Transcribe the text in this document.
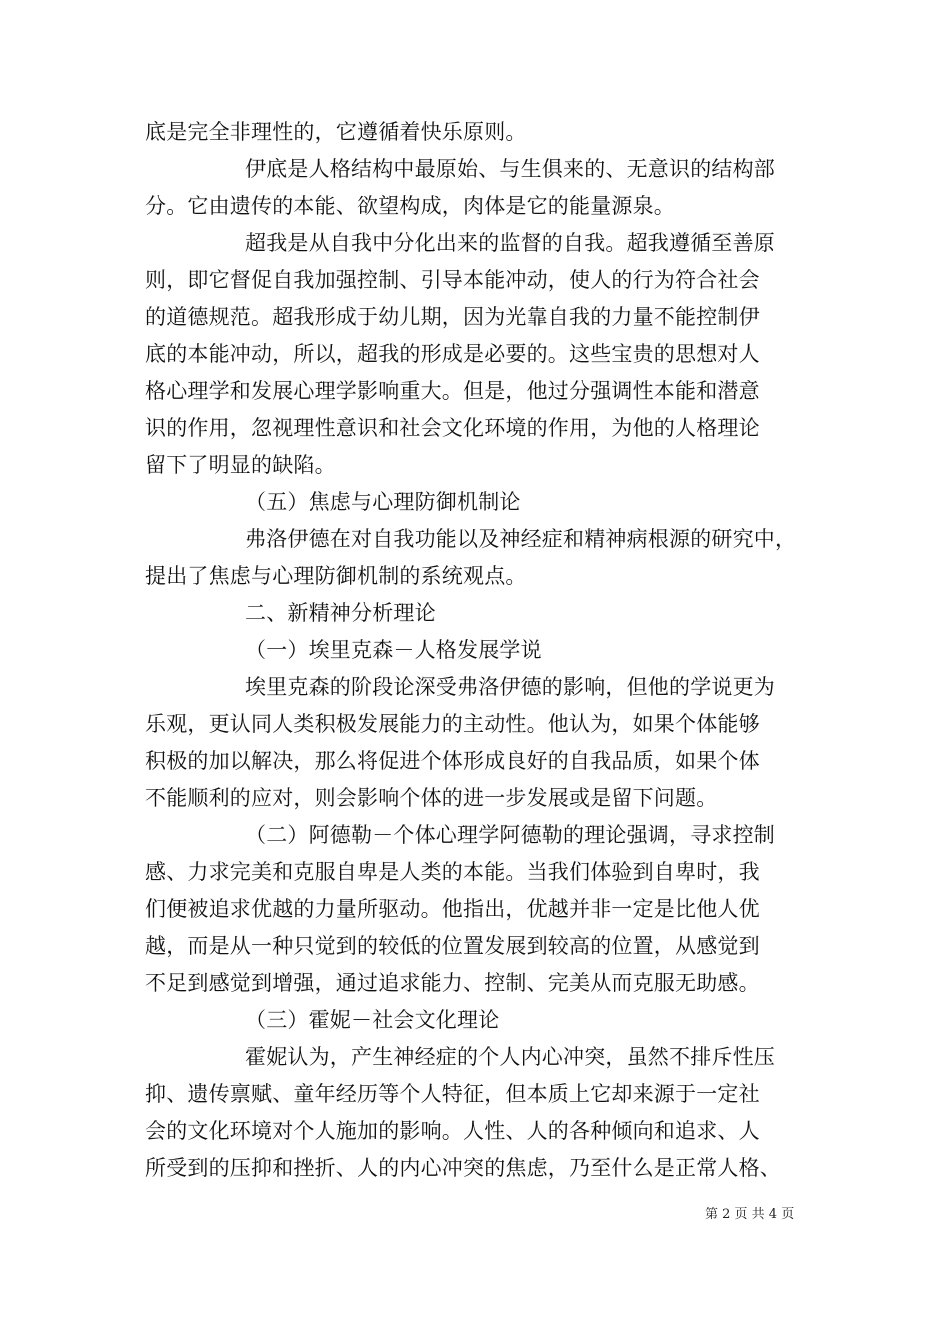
底是完全非理性的，它遵循着快乐原则。
伊底是人格结构中最原始、与生俱来的、无意识的结构部
分。它由遗传的本能、欲望构成，肉体是它的能量源泉。
超我是从自我中分化出来的监督的自我。超我遵循至善原
则，即它督促自我加强控制、引导本能冲动，使人的行为符合社会
的道德规范。超我形成于幼儿期，因为光靠自我的力量不能控制伊
底的本能冲动，所以，超我的形成是必要的。这些宝贵的思想对人
格心理学和发展心理学影响重大。但是，他过分强调性本能和潜意
识的作用，忽视理性意识和社会文化环境的作用，为他的人格理论
留下了明显的缺陷。
（五）焦虑与心理防御机制论
弗洛伊德在对自我功能以及神经症和精神病根源的研究中，
提出了焦虑与心理防御机制的系统观点。
二、新精神分析理论
（一）埃里克森－人格发展学说
埃里克森的阶段论深受弗洛伊德的影响，但他的学说更为
乐观，更认同人类积极发展能力的主动性。他认为，如果个体能够
积极的加以解决，那么将促进个体形成良好的自我品质，如果个体
不能顺利的应对，则会影响个体的进一步发展或是留下问题。
（二）阿德勒－个体心理学阿德勒的理论强调，寻求控制
感、力求完美和克服自卑是人类的本能。当我们体验到自卑时，我
们便被追求优越的力量所驱动。他指出，优越并非一定是比他人优
越，而是从一种只觉到的较低的位置发展到较高的位置，从感觉到
不足到感觉到增强，通过追求能力、控制、完美从而克服无助感。
（三）霍妮－社会文化理论
霍妮认为，产生神经症的个人内心冲突，虽然不排斥性压
抑、遗传禀赋、童年经历等个人特征，但本质上它却来源于一定社
会的文化环境对个人施加的影响。人性、人的各种倾向和追求、人
所受到的压抑和挫折、人的内心冲突的焦虑，乃至什么是正常人格、
第 2 页 共 4 页
